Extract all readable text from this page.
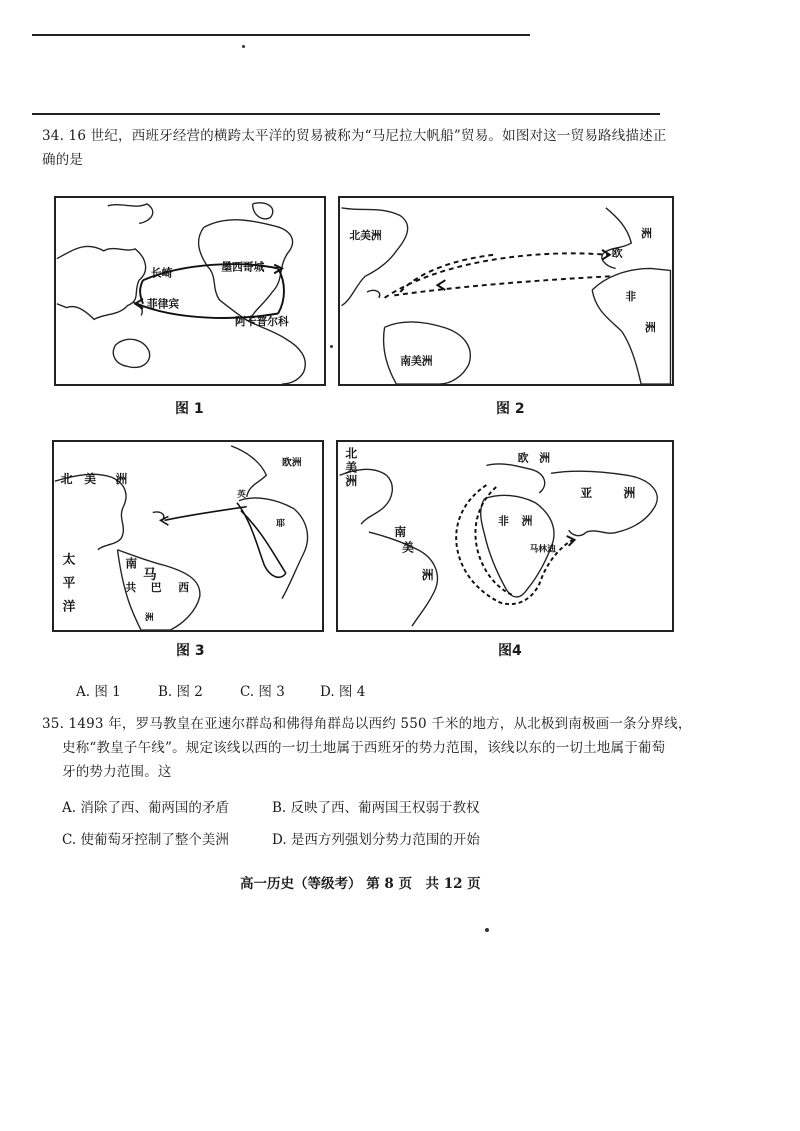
34. 16 世纪，西班牙经营的横跨太平洋的贸易被称为“马尼拉大帆船”贸易。如图对这一贸易路线描述正
确的是
长崎	墨西哥城
菲律宾
阿卡普尔科
图 1
北美洲
欧
洲
非
洲
南美洲
图 2
北 美 洲
欧洲
太
平
洋
南
马
共 巴 西
洲
英
耶
图 3
北
美
洲
欧 洲
亚	洲
非 洲
南
美
洲
马林迪
图4
A. 图 1	B. 图 2	C. 图 3	D. 图 4
35. 1493 年，罗马教皇在亚速尔群岛和佛得角群岛以西约 550 千米的地方，从北极到南极画一条分界线，
史称“教皇子午线”。规定该线以西的一切土地属于西班牙的势力范围，该线以东的一切土地属于葡萄
牙的势力范围。这
A. 消除了西、葡两国的矛盾	B. 反映了西、葡两国王权弱于教权
C. 使葡萄牙控制了整个美洲	D. 是西方列强划分势力范围的开始
高一历史（等级考） 第 8 页　共 12 页
